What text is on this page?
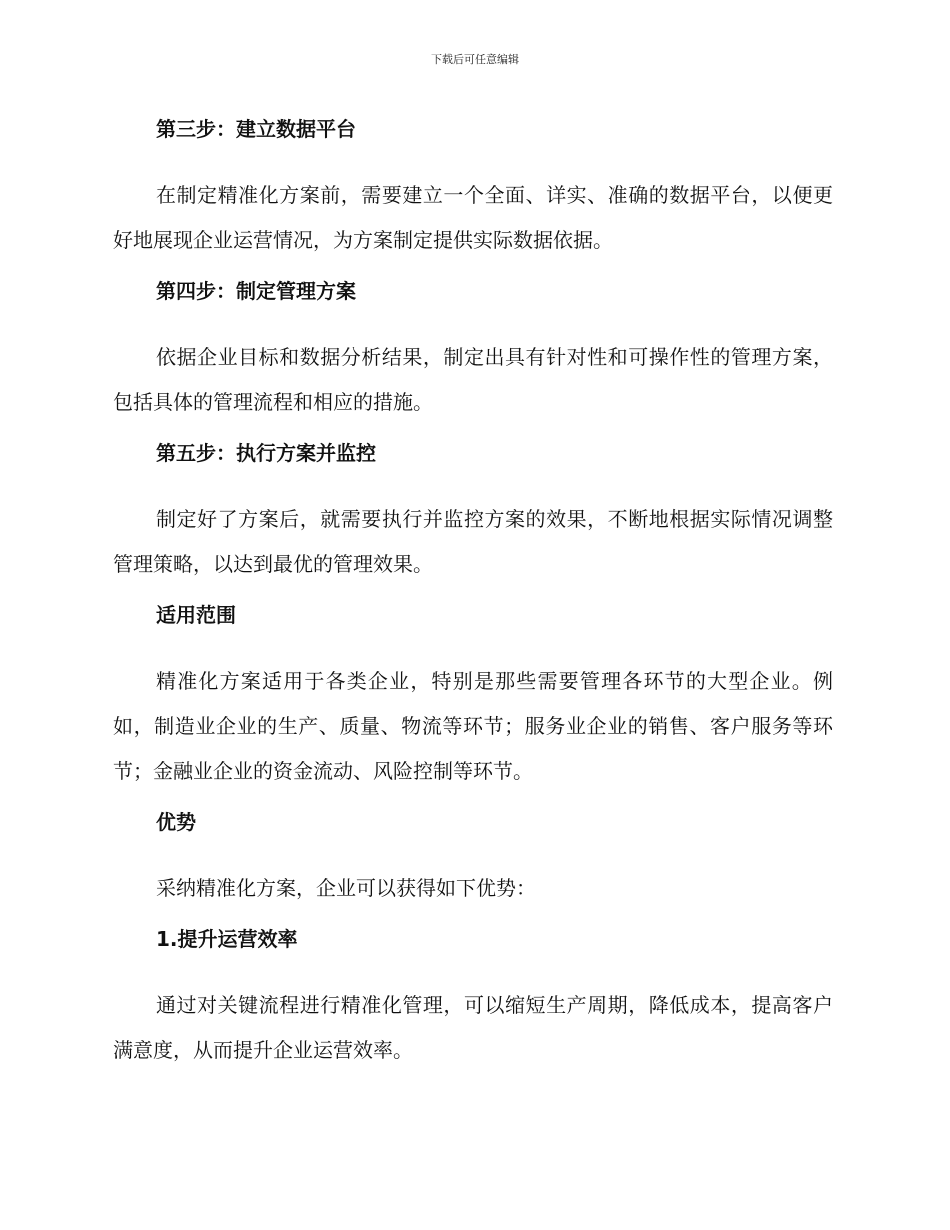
下载后可任意编辑
第三步：建立数据平台

在制定精准化方案前，需要建立一个全面、详实、准确的数据平台，以便更好地展现企业运营情况，为方案制定提供实际数据依据。

第四步：制定管理方案

依据企业目标和数据分析结果，制定出具有针对性和可操作性的管理方案，包括具体的管理流程和相应的措施。

第五步：执行方案并监控

制定好了方案后，就需要执行并监控方案的效果，不断地根据实际情况调整管理策略，以达到最优的管理效果。

适用范围

精准化方案适用于各类企业，特别是那些需要管理各环节的大型企业。例如，制造业企业的生产、质量、物流等环节；服务业企业的销售、客户服务等环节；金融业企业的资金流动、风险控制等环节。

优势

采纳精准化方案，企业可以获得如下优势：

1.提升运营效率

通过对关键流程进行精准化管理，可以缩短生产周期，降低成本，提高客户满意度，从而提升企业运营效率。
